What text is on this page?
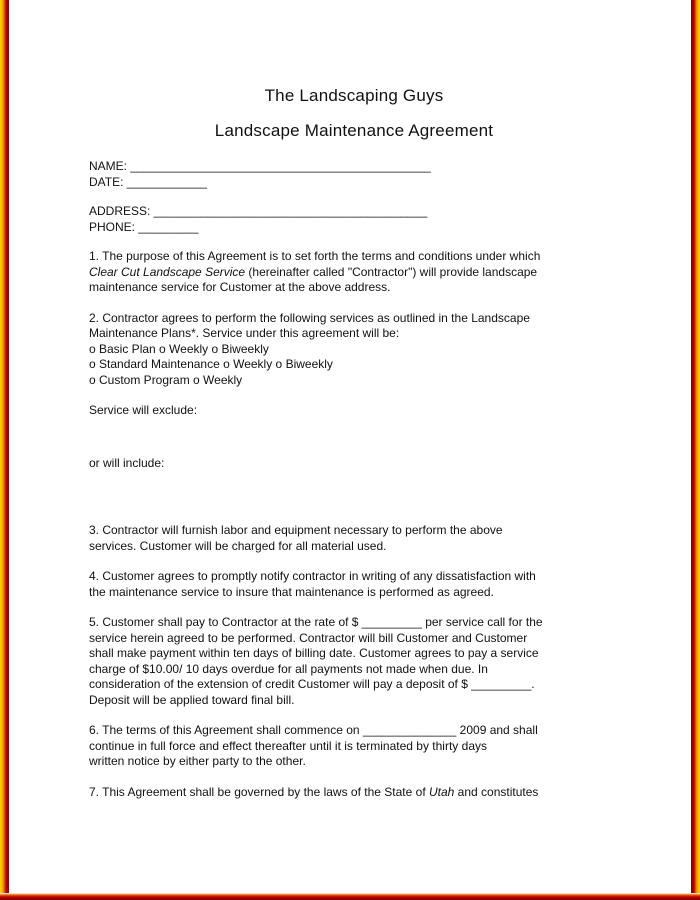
The Landscaping Guys
Landscape Maintenance Agreement
NAME: _____________________________________________
DATE: ____________
ADDRESS: _________________________________________
PHONE: _________

1. The purpose of this Agreement is to set forth the terms and conditions under which

Clear Cut Landscape Service (hereinafter called "Contractor") will provide landscape

maintenance service for Customer at the above address.

2. Contractor agrees to perform the following services as outlined in the Landscape

Maintenance Plans*. Service under this agreement will be:

o Basic Plan o Weekly o Biweekly

o Standard Maintenance o Weekly o Biweekly

o Custom Program o Weekly

Service will exclude:
or will include:

3. Contractor will furnish labor and equipment necessary to perform the above

services. Customer will be charged for all material used.

4. Customer agrees to promptly notify contractor in writing of any dissatisfaction with

the maintenance service to insure that maintenance is performed as agreed.

5. Customer shall pay to Contractor at the rate of $ _________ per service call for the

service herein agreed to be performed. Contractor will bill Customer and Customer

shall make payment within ten days of billing date. Customer agrees to pay a service

charge of $10.00/ 10 days overdue for all payments not made when due. In

consideration of the extension of credit Customer will pay a deposit of $ _________.

Deposit will be applied toward final bill.

6. The terms of this Agreement shall commence on ______________ 2009 and shall

continue in full force and effect thereafter until it is terminated by thirty days

written notice by either party to the other.

7. This Agreement shall be governed by the laws of the State of Utah and constitutes
